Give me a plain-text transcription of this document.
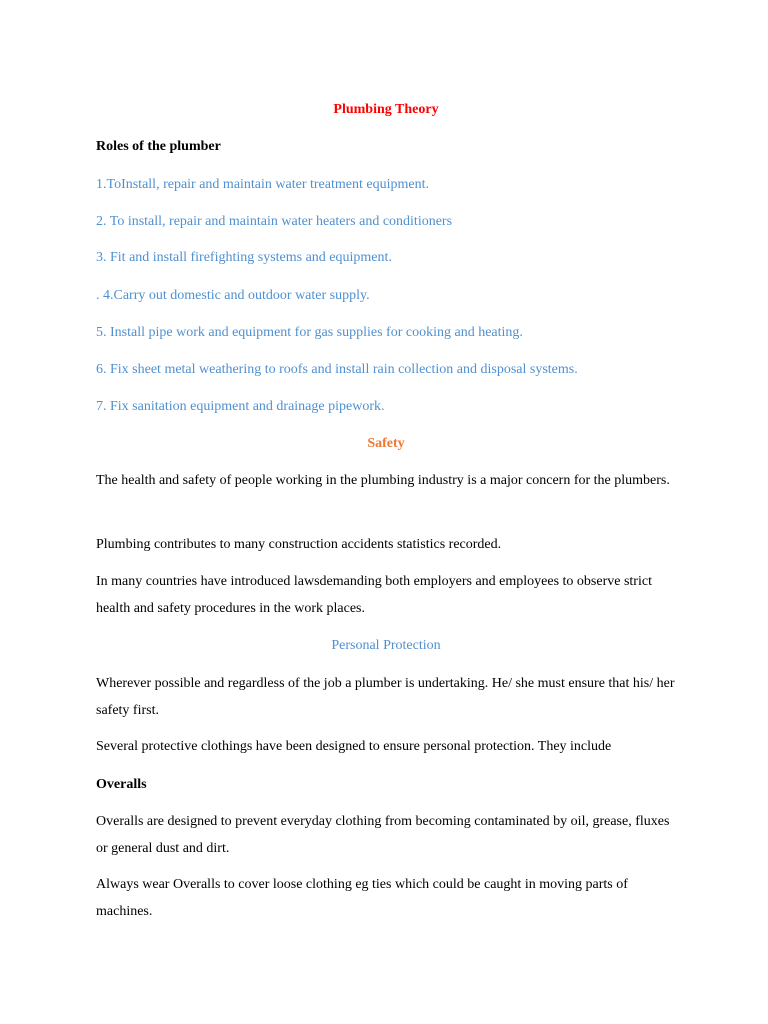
Plumbing Theory
Roles of the plumber
1.ToInstall, repair and maintain water treatment equipment.
2. To install, repair and maintain water heaters and conditioners
3. Fit and install firefighting systems and equipment.
. 4.Carry out domestic and outdoor water supply.
5. Install pipe work and equipment for gas supplies for cooking and heating.
6. Fix sheet metal weathering to roofs and install rain collection and disposal systems.
7. Fix sanitation equipment and drainage pipework.
Safety
The health and safety of people working in the plumbing industry is a major concern for the plumbers.
Plumbing contributes to many construction accidents statistics recorded.
In many countries have introduced lawsdemanding both employers and employees to observe strict health and safety procedures in the work places.
Personal Protection
Wherever possible and regardless of the job a plumber is undertaking. He/ she must ensure that his/ her safety first.
Several protective clothings have been designed to ensure personal protection. They include
Overalls
Overalls are designed to prevent everyday clothing from becoming contaminated by oil, grease, fluxes or general dust and dirt.
Always wear Overalls to cover loose clothing eg ties which could be caught in moving parts of machines.
